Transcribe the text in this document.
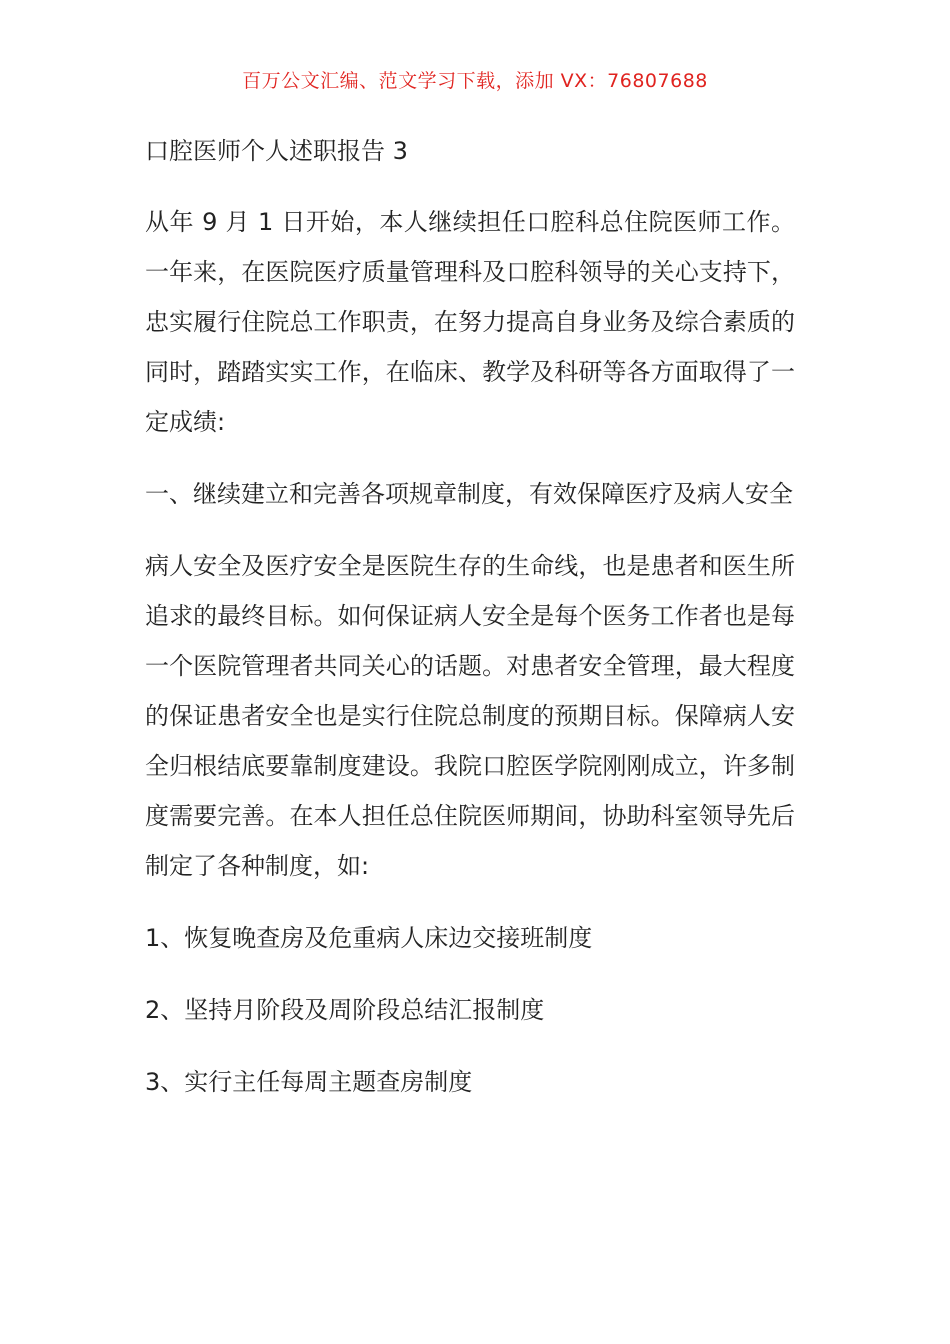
百万公文汇编、范文学习下载，添加 VX：76807688
口腔医师个人述职报告 3

从年 9 月 1 日开始，本人继续担任口腔科总住院医师工作。一年来，在医院医疗质量管理科及口腔科领导的关心支持下，忠实履行住院总工作职责，在努力提高自身业务及综合素质的同时，踏踏实实工作，在临床、教学及科研等各方面取得了一定成绩:

一、继续建立和完善各项规章制度，有效保障医疗及病人安全

病人安全及医疗安全是医院生存的生命线，也是患者和医生所追求的最终目标。如何保证病人安全是每个医务工作者也是每一个医院管理者共同关心的话题。对患者安全管理，最大程度的保证患者安全也是实行住院总制度的预期目标。保障病人安全归根结底要靠制度建设。我院口腔医学院刚刚成立，许多制度需要完善。在本人担任总住院医师期间，协助科室领导先后制定了各种制度，如:

1、恢复晚查房及危重病人床边交接班制度
2、坚持月阶段及周阶段总结汇报制度
3、实行主任每周主题查房制度
